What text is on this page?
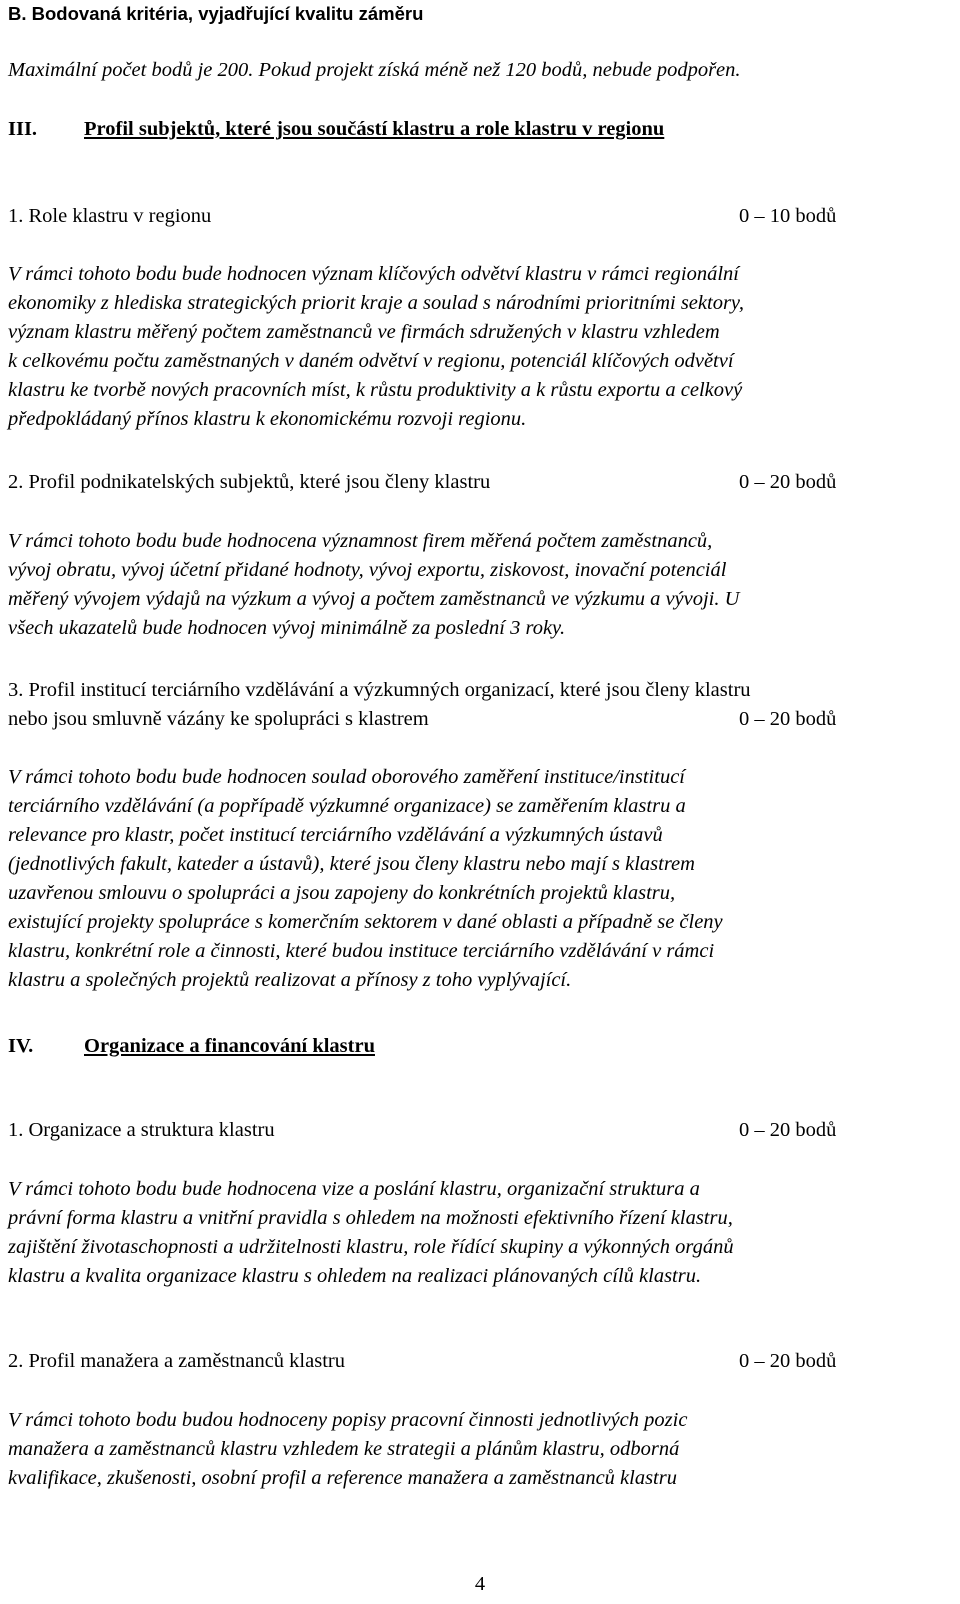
B. Bodovaná kritéria, vyjadřující kvalitu záměru
Maximální počet bodů je 200. Pokud projekt získá méně než 120 bodů, nebude podpořen.
III. Profil subjektů, které jsou součástí klastru a role klastru v regionu
1. Role klastru v regionu	0 – 10 bodů
V rámci tohoto bodu bude hodnocen význam klíčových odvětví klastru v rámci regionální
ekonomiky z hlediska strategických priorit kraje a soulad s národními prioritními sektory,
význam klastru měřený počtem zaměstnanců ve firmách sdružených v klastru vzhledem
k celkovému počtu zaměstnaných v daném odvětví v regionu, potenciál klíčových odvětví
klastru ke tvorbě nových pracovních míst, k růstu produktivity a k růstu exportu a celkový
předpokládaný přínos klastru k ekonomickému rozvoji regionu.
2. Profil podnikatelských subjektů, které jsou členy klastru	0 – 20 bodů
V rámci tohoto bodu bude hodnocena významnost firem měřená počtem zaměstnanců,
vývoj obratu, vývoj účetní přidané hodnoty, vývoj exportu, ziskovost, inovační potenciál
měřený vývojem výdajů na výzkum a vývoj a počtem zaměstnanců ve výzkumu a vývoji. U
všech ukazatelů bude hodnocen vývoj minimálně za poslední 3 roky.
3. Profil institucí terciárního vzdělávání a výzkumných organizací, které jsou členy klastru
nebo jsou smluvně vázány ke spolupráci s klastrem	0 – 20 bodů
V rámci tohoto bodu bude hodnocen soulad oborového zaměření instituce/institucí
terciárního vzdělávání (a popřípadě výzkumné organizace) se zaměřením klastru a
relevance pro klastr, počet institucí terciárního vzdělávání a výzkumných ústavů
(jednotlivých fakult, kateder a ústavů), které jsou členy klastru nebo mají s klastrem
uzavřenou smlouvu o spolupráci a jsou zapojeny do konkrétních projektů klastru,
existující projekty spolupráce s komerčním sektorem v dané oblasti a případně se členy
klastru, konkrétní role a činnosti, které budou instituce terciárního vzdělávání v rámci
klastru a společných projektů realizovat a přínosy z toho vyplývající.
IV. Organizace a financování klastru
1. Organizace a struktura klastru	0 – 20 bodů
V rámci tohoto bodu bude hodnocena vize a poslání klastru, organizační struktura a
právní forma klastru a vnitřní pravidla s ohledem na možnosti efektivního řízení klastru,
zajištění životaschopnosti a udržitelnosti klastru, role řídící skupiny a výkonných orgánů
klastru a kvalita organizace klastru s ohledem na realizaci plánovaných cílů klastru.
2. Profil manažera a zaměstnanců klastru	0 – 20 bodů
V rámci tohoto bodu budou hodnoceny popisy pracovní činnosti jednotlivých pozic
manažera a zaměstnanců klastru vzhledem ke strategii a plánům klastru, odborná
kvalifikace, zkušenosti, osobní profil a reference manažera a zaměstnanců klastru
4
